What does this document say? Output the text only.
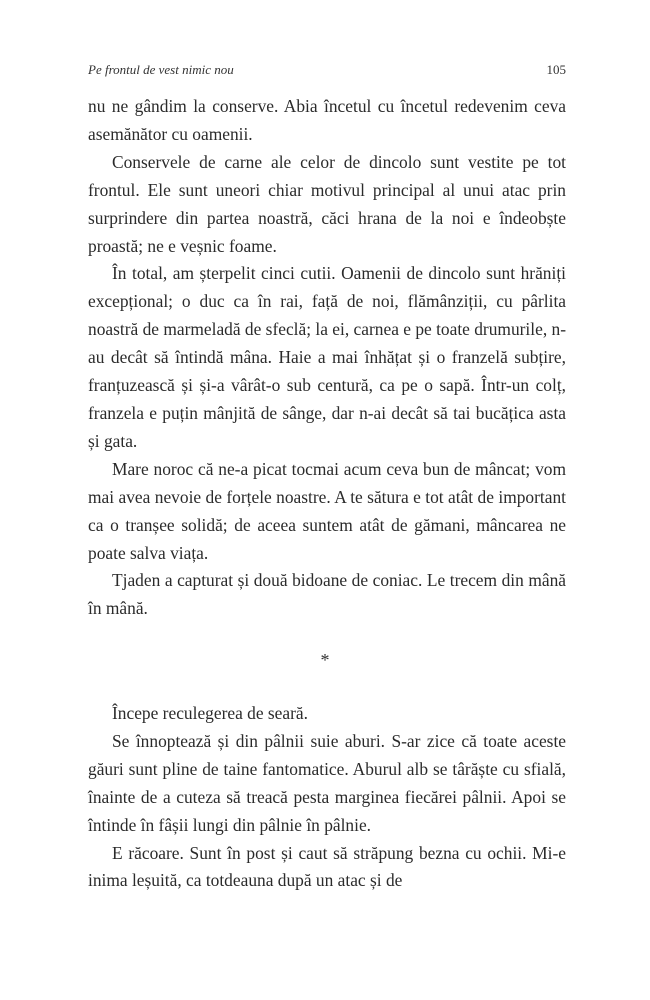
Pe frontul de vest nimic nou	105

nu ne gândim la conserve. Abia încetul cu încetul redevenim ceva asemănător cu oamenii.

Conservele de carne ale celor de dincolo sunt vestite pe tot frontul. Ele sunt uneori chiar motivul principal al unui atac prin surprindere din partea noastră, căci hrana de la noi e îndeobște proastă; ne e veșnic foame.

În total, am șterpelit cinci cutii. Oamenii de dincolo sunt hrăniți excepțional; o duc ca în rai, față de noi, flămânziții, cu pârlita noastră de marmeladă de sfeclă; la ei, carnea e pe toate drumurile, n-au decât să întindă mâna. Haie a mai înhățat și o franzelă subțire, franțuzească și și-a vârât-o sub centură, ca pe o sapă. Într-un colț, franzela e puțin mânjită de sânge, dar n-ai decât să tai bucățica asta și gata.

Mare noroc că ne-a picat tocmai acum ceva bun de mâncat; vom mai avea nevoie de forțele noastre. A te sătura e tot atât de important ca o tranșee solidă; de aceea suntem atât de gămani, mâncarea ne poate salva viața.

Tjaden a capturat și două bidoane de coniac. Le trecem din mână în mână.

*

Începe reculegerea de seară.

Se înnoptează și din pâlnii suie aburi. S-ar zice că toate aceste găuri sunt pline de taine fantomatice. Aburul alb se târăște cu sfială, înainte de a cuteza să treacă pesta marginea fiecărei pâlnii. Apoi se întinde în fâșii lungi din pâlnie în pâlnie.

E răcoare. Sunt în post și caut să străpung bezna cu ochii. Mi-e inima leșuită, ca totdeauna după un atac și de
